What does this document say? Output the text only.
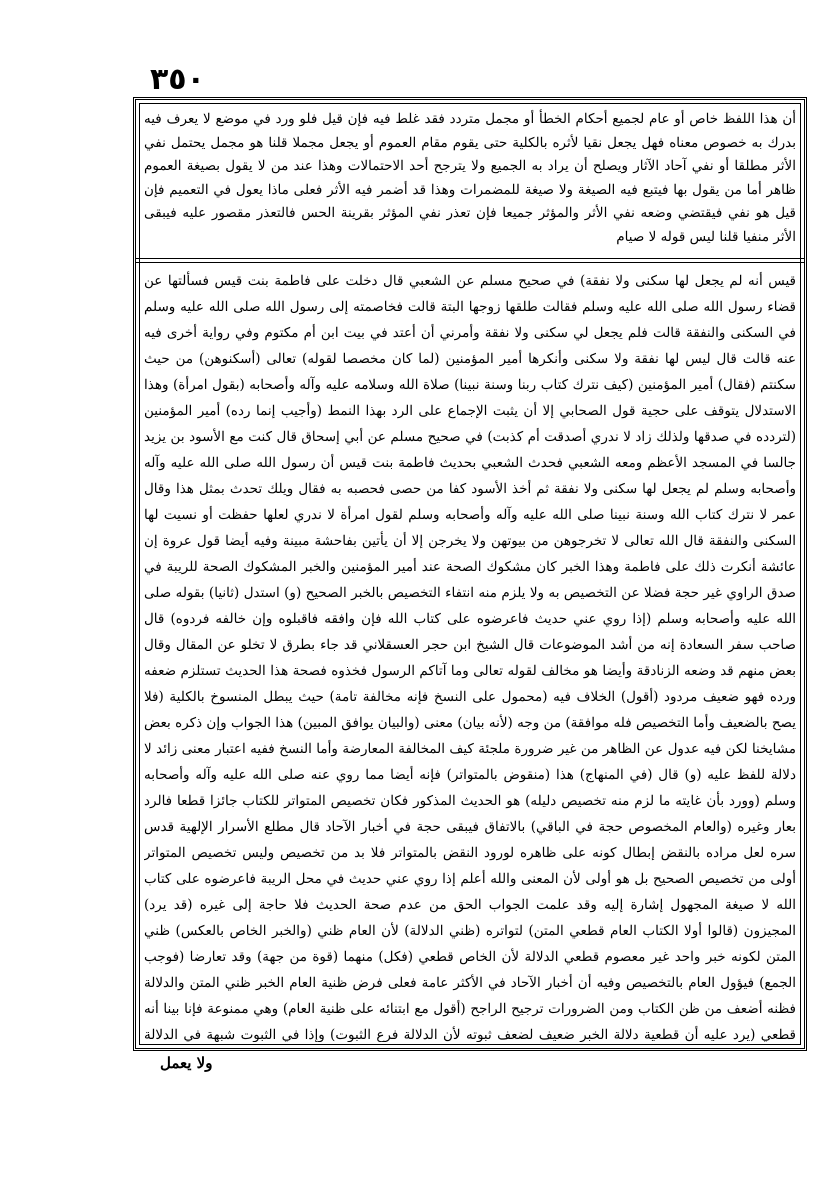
٣٥٠

أن هذا اللفظ خاص أو عام لجميع أحكام الخطأ أو مجمل متردد فقد غلط فيه فإن قيل فلو ورد في موضع لا يعرف فيه بدرك به خصوص معناه فهل يجعل نقيا لأثره بالكلية حتى يقوم مقام العموم أو يجعل مجملا قلنا هو مجمل يحتمل نفي الأثر مطلقا أو نفي آحاد الآثار ويصلح أن يراد به الجميع ولا يترجح أحد الاحتمالات وهذا عند من لا يقول بصيغة العموم ظاهر أما من يقول بها فيتبع فيه الصيغة ولا صيغة للمضمرات وهذا قد أضمر فيه الأثر فعلى ماذا يعول في التعميم فإن قيل هو نفي فيقتضي وضعه نفي الأثر والمؤثر جميعا فإن تعذر نفي المؤثر بقرينة الحس فالتعذر مقصور عليه فيبقى الأثر منفيا قلنا ليس قوله لا صيام

قيس أنه لم يجعل لها سكنى ولا نفقة) في صحيح مسلم عن الشعبي قال دخلت على فاطمة بنت قيس فسألتها عن قضاء رسول الله صلى الله عليه وسلم فقالت طلقها زوجها البتة قالت فخاصمته إلى رسول الله صلى الله عليه وسلم في السكنى والنفقة قالت فلم يجعل لي سكنى ولا نفقة وأمرني أن أعتد في بيت ابن أم مكتوم وفي رواية أخرى فيه عنه قالت قال ليس لها نفقة ولا سكنى وأنكرها أمير المؤمنين (لما كان مخصصا لقوله) تعالى (أسكنوهن) من حيث سكنتم (فقال) أمير المؤمنين (كيف نترك كتاب ربنا وسنة نبينا) صلاة الله وسلامه عليه وآله وأصحابه (بقول امرأة) وهذا الاستدلال يتوقف على حجية قول الصحابي إلا أن يثبت الإجماع على الرد بهذا النمط (وأجيب إنما رده) أمير المؤمنين (لتردده في صدقها ولذلك زاد لا ندري أصدقت أم كذبت) في صحيح مسلم عن أبي إسحاق قال كنت مع الأسود بن يزيد جالسا في المسجد الأعظم ومعه الشعبي فحدث الشعبي بحديث فاطمة بنت قيس أن رسول الله صلى الله عليه وآله وأصحابه وسلم لم يجعل لها سكنى ولا نفقة ثم أخذ الأسود كفا من حصى فحصبه به فقال ويلك تحدث بمثل هذا وقال عمر لا نترك كتاب الله وسنة نبينا صلى الله عليه وآله وأصحابه وسلم لقول امرأة لا ندري لعلها حفظت أو نسيت لها السكنى والنفقة قال الله تعالى لا تخرجوهن من بيوتهن ولا يخرجن إلا أن يأتين بفاحشة مبينة وفيه أيضا قول عروة إن عائشة أنكرت ذلك على فاطمة وهذا الخبر كان مشكوك الصحة عند أمير المؤمنين والخبر المشكوك الصحة للريبة في صدق الراوي غير حجة فضلا عن التخصيص به ولا يلزم منه انتفاء التخصيص بالخبر الصحيح (و) استدل (ثانيا) بقوله صلى الله عليه وأصحابه وسلم (إذا روي عني حديث فاعرضوه على كتاب الله فإن وافقه فاقبلوه وإن خالفه فردوه) قال صاحب سفر السعادة إنه من أشد الموضوعات قال الشيخ ابن حجر العسقلاني قد جاء بطرق لا تخلو عن المقال وقال بعض منهم قد وضعه الزنادقة وأيضا هو مخالف لقوله تعالى وما آتاكم الرسول فخذوه فصحة هذا الحديث تستلزم ضعفه ورده فهو ضعيف مردود (أقول) الخلاف فيه (محمول على النسخ فإنه مخالفة تامة) حيث يبطل المنسوخ بالكلية (فلا يصح بالضعيف وأما التخصيص فله موافقة) من وجه (لأنه بيان) معنى (والبيان يوافق المبين) هذا الجواب وإن ذكره بعض مشايخنا لكن فيه عدول عن الظاهر من غير ضرورة ملجئة كيف المخالفة المعارضة وأما النسخ ففيه اعتبار معنى زائد لا دلالة للفظ عليه (و) قال (في المنهاج) هذا (منقوض بالمتواتر) فإنه أيضا مما روي عنه صلى الله عليه وآله وأصحابه وسلم (وورد بأن غايته ما لزم منه تخصيص دليله) هو الحديث المذكور فكان تخصيص المتواتر للكتاب جائزا قطعا فالرد بعار وغيره (والعام المخصوص حجة في الباقي) بالاتفاق فيبقى حجة في أخبار الآحاد قال مطلع الأسرار الإلهية قدس سره لعل مراده بالنقض إبطال كونه على ظاهره لورود النقض بالمتواتر فلا بد من تخصيص وليس تخصيص المتواتر أولى من تخصيص الصحيح بل هو أولى لأن المعنى والله أعلم إذا روي عني حديث في محل الريبة فاعرضوه على كتاب الله لا صيغة المجهول إشارة إليه وقد علمت الجواب الحق من عدم صحة الحديث فلا حاجة إلى غيره (قد يرد) المجيزون (قالوا أولا الكتاب العام قطعي المتن) لتواتره (ظني الدلالة) لأن العام ظني (والخبر الخاص بالعكس) ظني المتن لكونه خبر واحد غير معصوم قطعي الدلالة لأن الخاص قطعي (فكل) منهما (قوة من جهة) وقد تعارضا (فوجب الجمع) فيؤول العام بالتخصيص وفيه أن أخبار الآحاد في الأكثر عامة فعلى فرض ظنية العام الخبر ظني المتن والدلالة فظنه أضعف من ظن الكتاب ومن الضرورات ترجيح الراجح (أقول مع ابتنائه على ظنية العام) وهي ممنوعة فإنا بينا أنه قطعي (يرد عليه أن قطعية دلالة الخبر ضعيف لضعف ثبوته لأن الدلالة فرع الثبوت) وإذا في الثبوت شبهة في الدلالة

ولا يعمل
